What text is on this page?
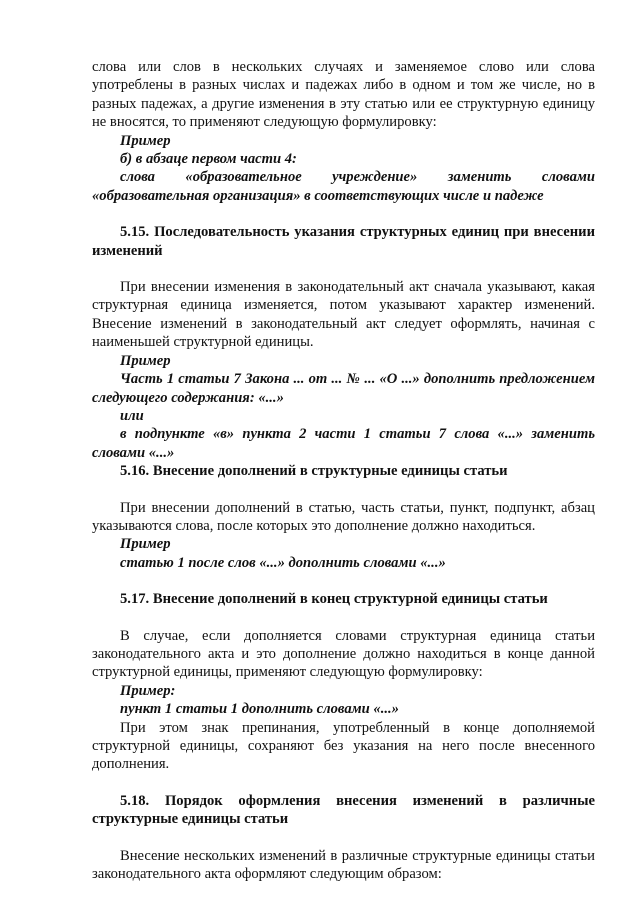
слова или слов в нескольких случаях и заменяемое слово или слова употреблены в разных числах и падежах либо в одном и том же числе, но в разных падежах, а другие изменения в эту статью или ее структурную единицу не вносятся, то применяют следующую формулировку:

Пример

б) в абзаце первом части 4:

слова «образовательное учреждение» заменить словами «образовательная организация» в соответствующих числе и падеже

5.15. Последовательность указания структурных единиц при внесении изменений

При внесении изменения в законодательный акт сначала указывают, какая структурная единица изменяется, потом указывают характер изменений. Внесение изменений в законодательный акт следует оформлять, начиная с наименьшей структурной единицы.

Пример

Часть 1 статьи 7 Закона ... от ... № ... «О ...» дополнить предложением следующего содержания: «...»

или

в подпункте «в» пункта 2 части 1 статьи 7 слова «...» заменить словами «...»

5.16. Внесение дополнений в структурные единицы статьи

При внесении дополнений в статью, часть статьи, пункт, подпункт, абзац указываются слова, после которых это дополнение должно находиться.

Пример

статью 1 после слов «...» дополнить словами «...»

5.17. Внесение дополнений в конец структурной единицы статьи

В случае, если дополняется словами структурная единица статьи законодательного акта и это дополнение должно находиться в конце данной структурной единицы, применяют следующую формулировку:

Пример:

пункт 1 статьи 1 дополнить словами «...»

При этом знак препинания, употребленный в конце дополняемой структурной единицы, сохраняют без указания на него после внесенного дополнения.

5.18. Порядок оформления внесения изменений в различные структурные единицы статьи

Внесение нескольких изменений в различные структурные единицы статьи законодательного акта оформляют следующим образом:
